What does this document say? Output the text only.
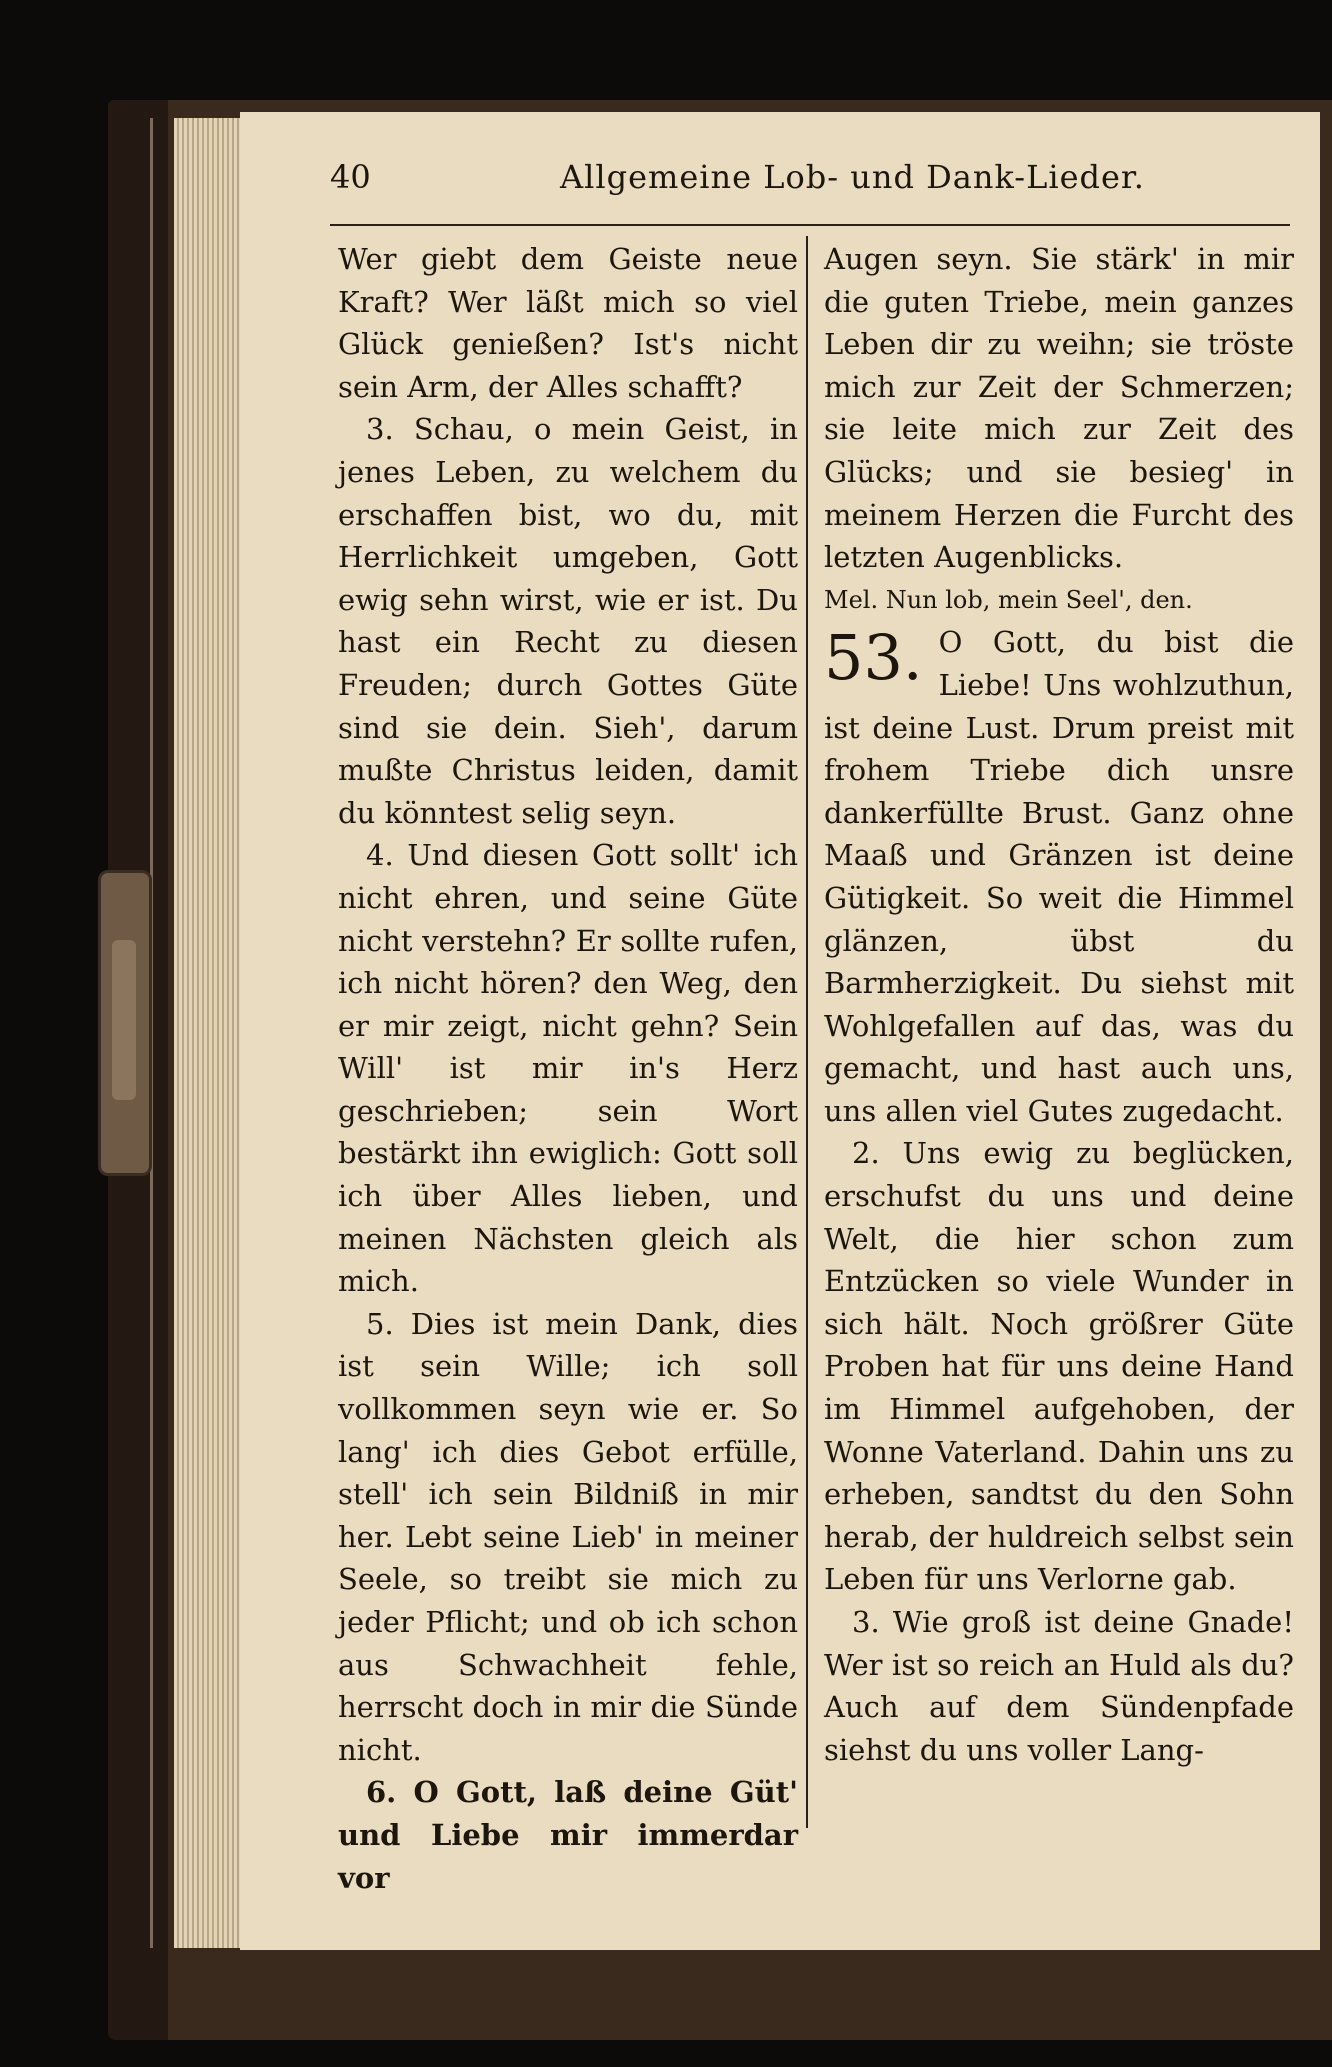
40	Allgemeine Lob- und Dank-Lieder.

Wer giebt dem Geiste neue Kraft? Wer läßt mich so viel Glück genießen? Ist's nicht sein Arm, der Alles schafft?

3. Schau, o mein Geist, in jenes Leben, zu welchem du erschaffen bist, wo du, mit Herrlichkeit umgeben, Gott ewig sehn wirst, wie er ist. Du hast ein Recht zu diesen Freuden; durch Gottes Güte sind sie dein. Sieh', darum mußte Christus leiden, damit du könntest selig seyn.

4. Und diesen Gott sollt' ich nicht ehren, und seine Güte nicht verstehn? Er sollte rufen, ich nicht hören? den Weg, den er mir zeigt, nicht gehn? Sein Will' ist mir in's Herz geschrieben; sein Wort bestärkt ihn ewiglich: Gott soll ich über Alles lieben, und meinen Nächsten gleich als mich.

5. Dies ist mein Dank, dies ist sein Wille; ich soll vollkommen seyn wie er. So lang' ich dies Gebot erfülle, stell' ich sein Bildniß in mir her. Lebt seine Lieb' in meiner Seele, so treibt sie mich zu jeder Pflicht; und ob ich schon aus Schwachheit fehle, herrscht doch in mir die Sünde nicht.

6. O Gott, laß deine Güt' und Liebe mir immerdar vor

Augen seyn. Sie stärk' in mir die guten Triebe, mein ganzes Leben dir zu weihn; sie tröste mich zur Zeit der Schmerzen; sie leite mich zur Zeit des Glücks; und sie besieg' in meinem Herzen die Furcht des letzten Augenblicks.

Mel. Nun lob, mein Seel', den.

53. O Gott, du bist die Liebe! Uns wohlzuthun, ist deine Lust. Drum preist mit frohem Triebe dich unsre dankerfüllte Brust. Ganz ohne Maaß und Gränzen ist deine Gütigkeit. So weit die Himmel glänzen, übst du Barmherzigkeit. Du siehst mit Wohlgefallen auf das, was du gemacht, und hast auch uns, uns allen viel Gutes zugedacht.

2. Uns ewig zu beglücken, erschufst du uns und deine Welt, die hier schon zum Entzücken so viele Wunder in sich hält. Noch größrer Güte Proben hat für uns deine Hand im Himmel aufgehoben, der Wonne Vaterland. Dahin uns zu erheben, sandtst du den Sohn herab, der huldreich selbst sein Leben für uns Verlorne gab.

3. Wie groß ist deine Gnade! Wer ist so reich an Huld als du? Auch auf dem Sündenpfade siehst du uns voller Lang-
